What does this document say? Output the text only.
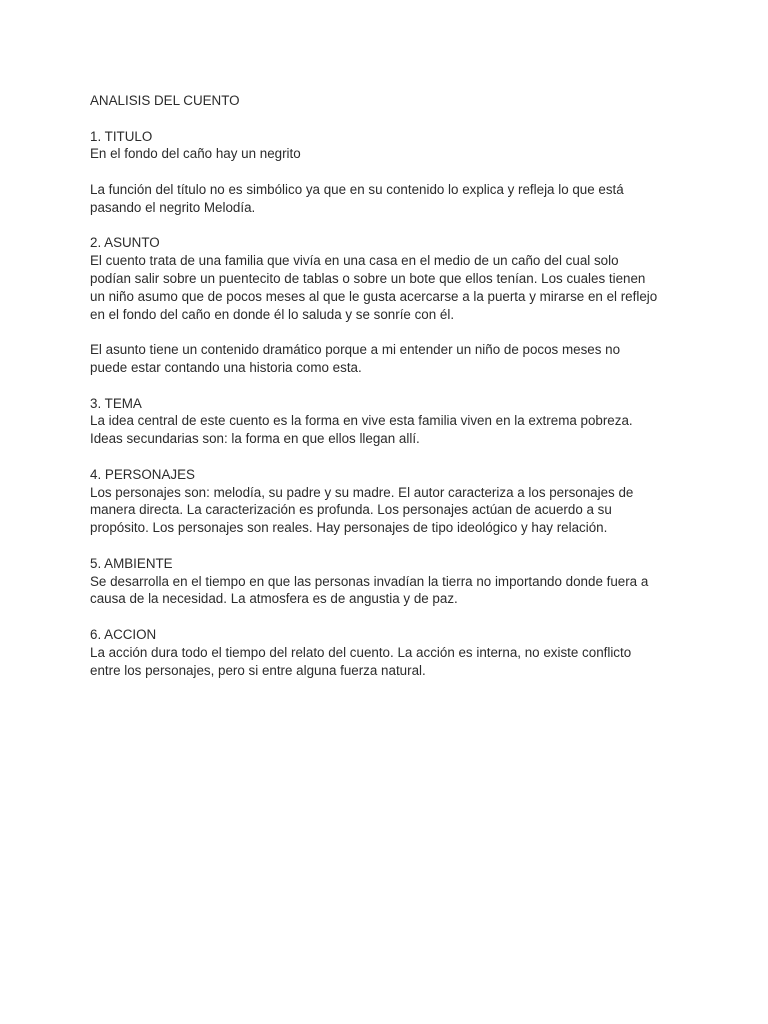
ANALISIS DEL CUENTO
1. TITULO
En el fondo del caño hay un negrito
La función del título no es simbólico ya que en su contenido lo explica y refleja lo que está
pasando el negrito Melodía.
2. ASUNTO
El cuento trata de una familia que vivía en una casa en el medio de un caño del cual solo
podían salir sobre un puentecito de tablas o sobre un bote que ellos tenían. Los cuales tienen
un niño asumo que de pocos meses al que le gusta acercarse a la puerta y mirarse en el reflejo
en el fondo del caño en donde él lo saluda y se sonríe con él.
El asunto tiene un contenido dramático porque a mi entender un niño de pocos meses no
puede estar contando una historia como esta.
3. TEMA
La idea central de este cuento es la forma en vive esta familia viven en la extrema pobreza.
Ideas secundarias son: la forma en que ellos llegan allí.
4. PERSONAJES
Los personajes son: melodía, su padre y su madre. El autor caracteriza a los personajes de
manera directa. La caracterización es profunda. Los personajes actúan de acuerdo a su
propósito. Los personajes son reales. Hay personajes de tipo ideológico y hay relación.
5. AMBIENTE
Se desarrolla en el tiempo en que las personas invadían la tierra no importando donde fuera a
causa de la necesidad. La atmosfera es de angustia y de paz.
6. ACCION
La acción dura todo el tiempo del relato del cuento. La acción es interna, no existe conflicto
entre los personajes, pero si entre alguna fuerza natural.
